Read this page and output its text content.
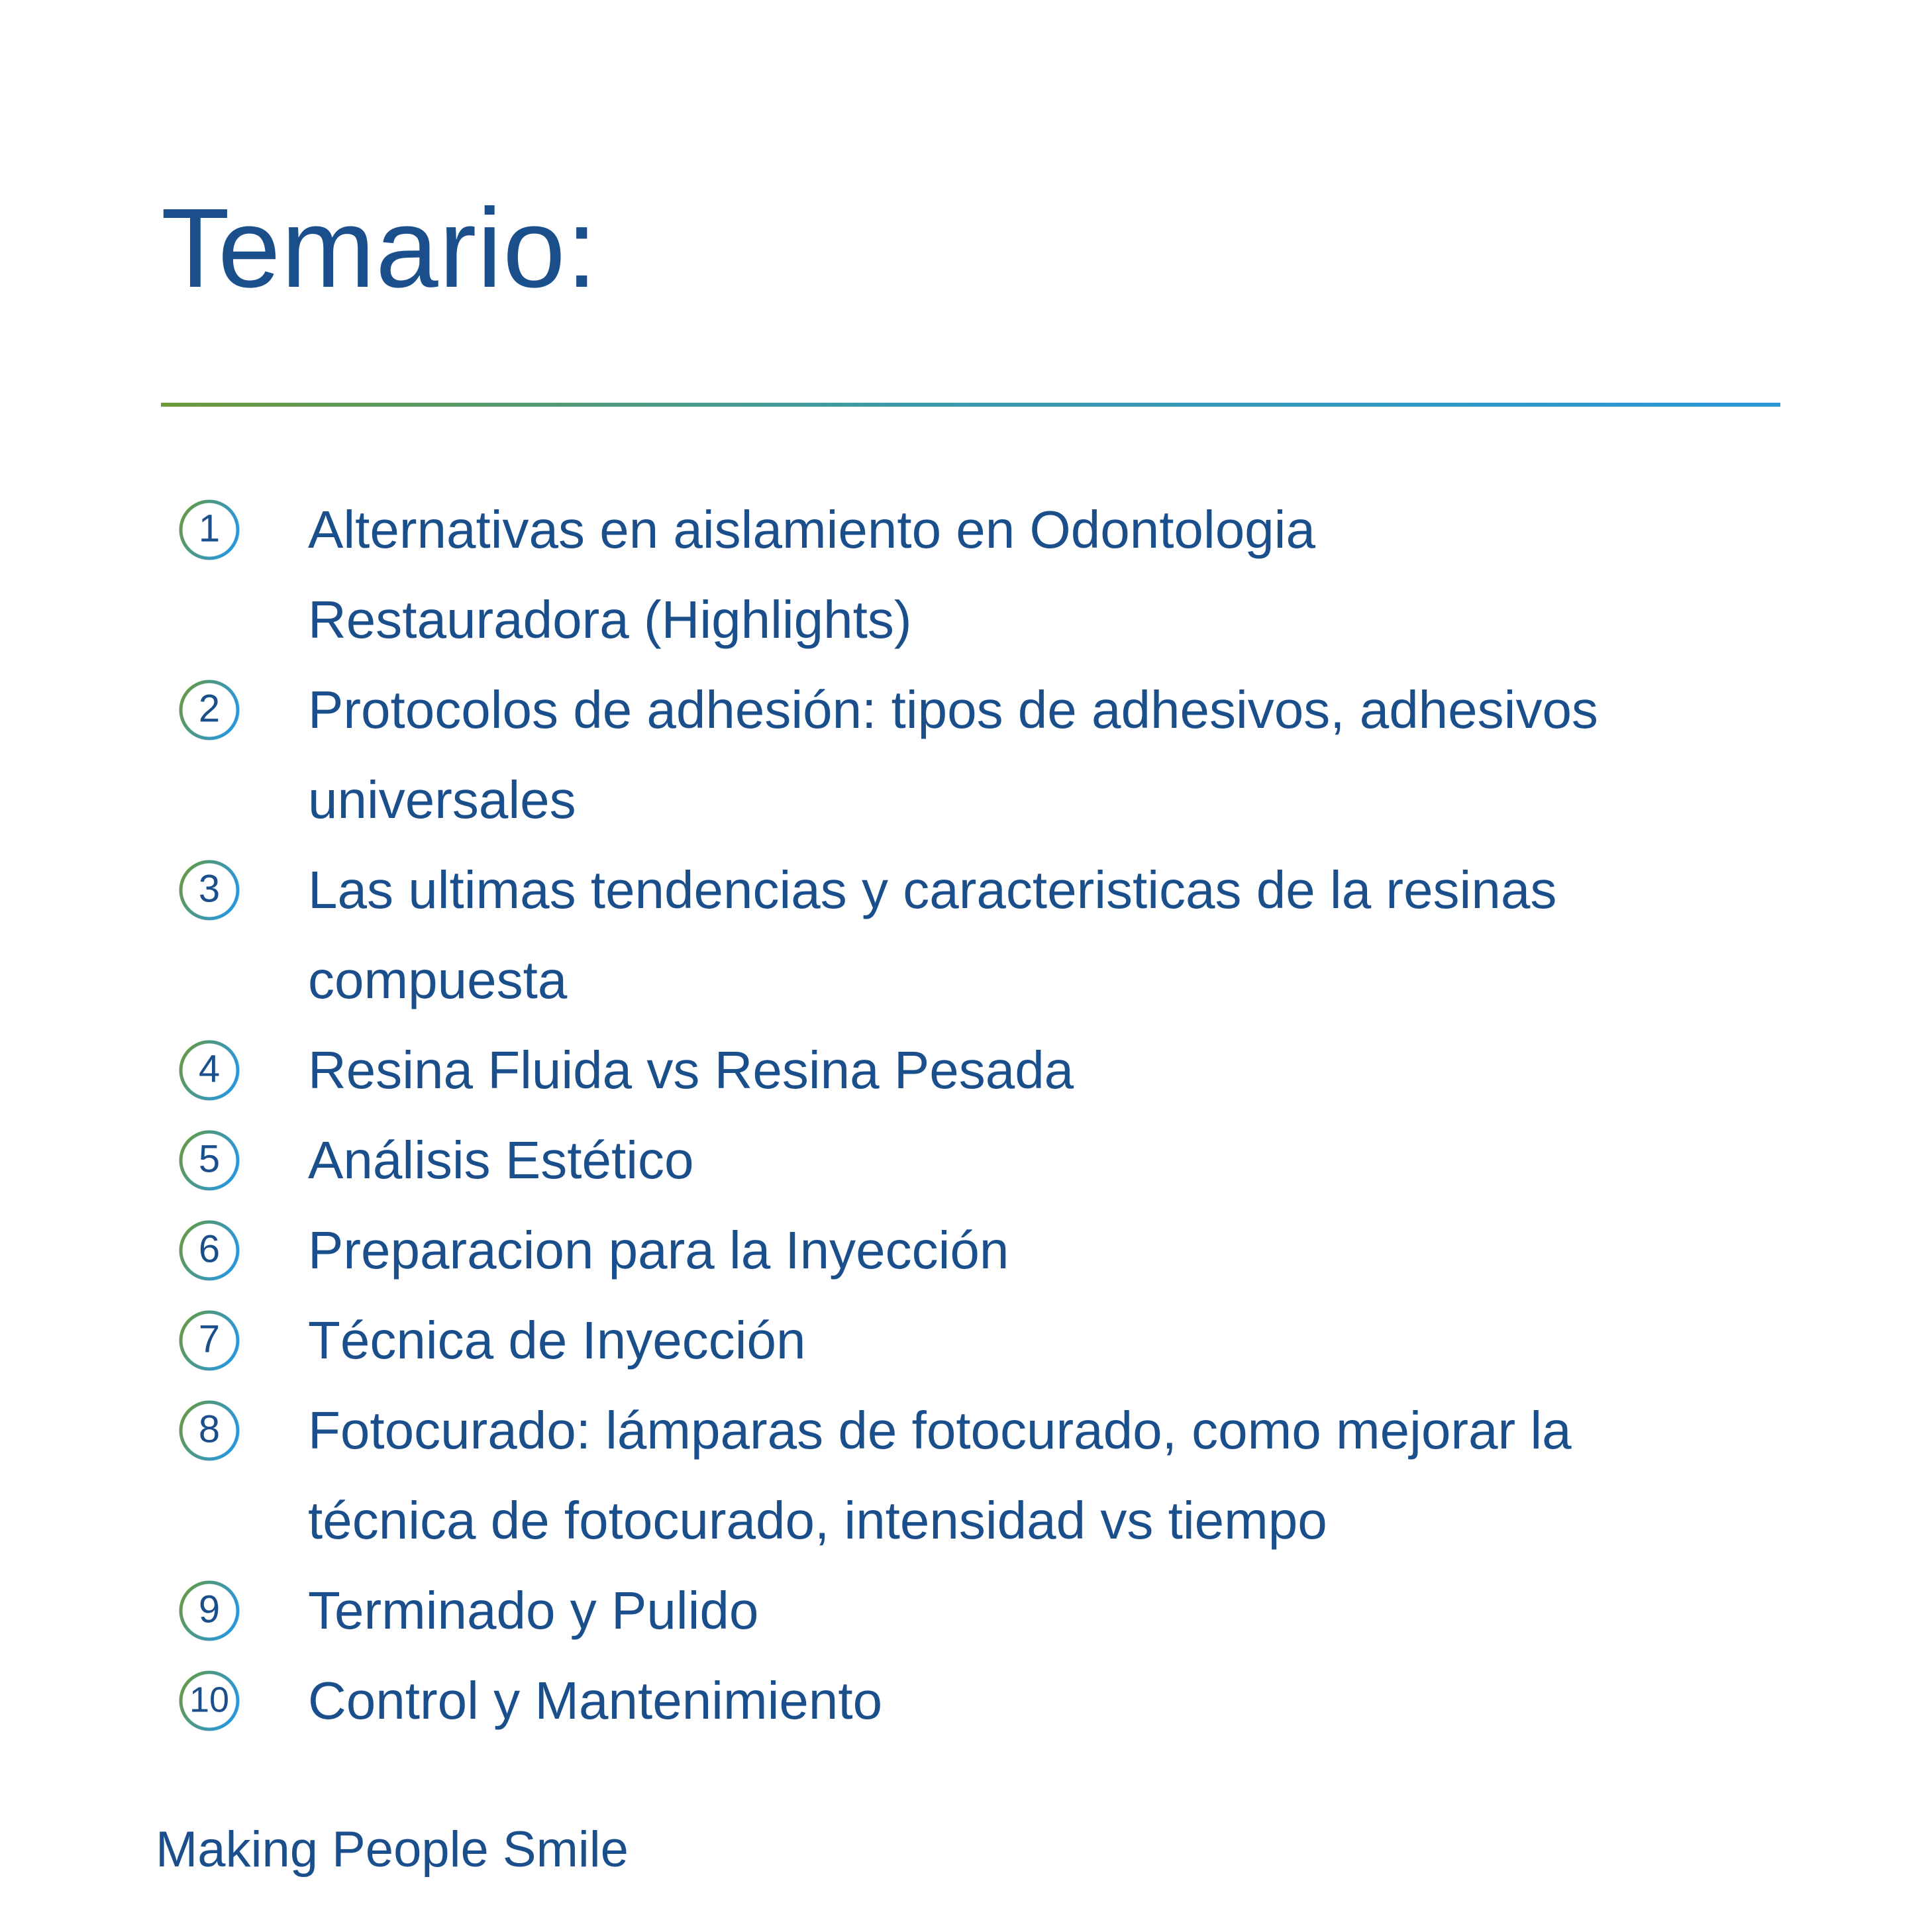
Temario:
1 Alternativas en aislamiento en Odontologia
Restauradora (Highlights)
2 Protocolos de adhesión: tipos de adhesivos, adhesivos
universales
3 Las ultimas tendencias y caracteristicas de la resinas
compuesta
4 Resina Fluida vs Resina Pesada
5 Análisis Estético
6 Preparacion para la Inyección
7 Técnica de Inyección
8 Fotocurado: lámparas de fotocurado, como mejorar la
técnica de fotocurado, intensidad vs tiempo
9 Terminado y Pulido
10 Control y Mantenimiento
Making People Smile
